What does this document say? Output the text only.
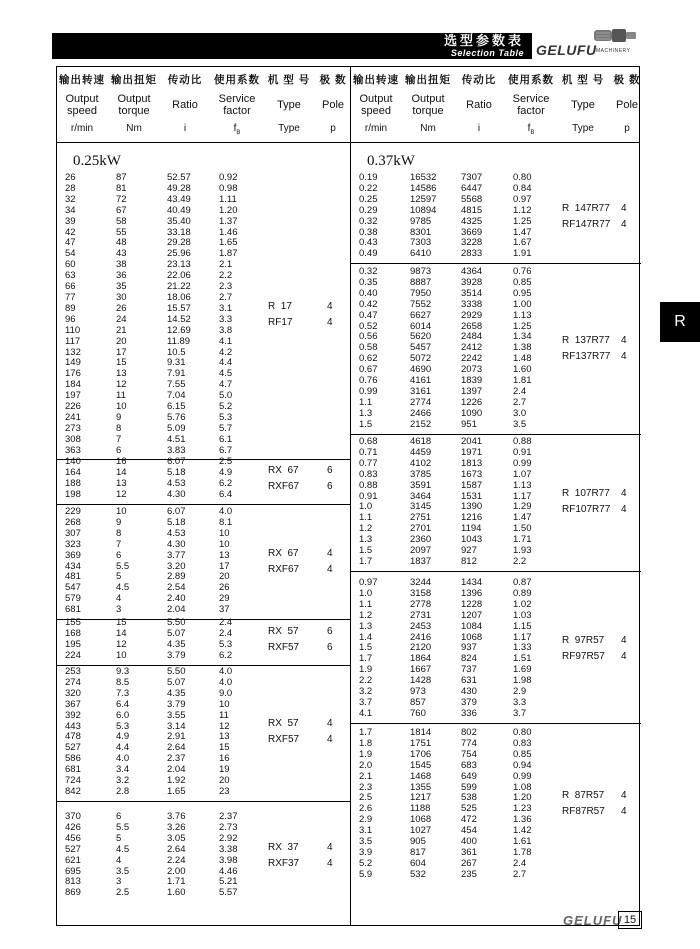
选型参数表
Selection Table GELUFU MACHINERY
输出转速
Output
speed
r/min
输出扭矩
Output
torque
Nm
传动比
Ratio
i
使用系数
Service
factor
$f_B$
机 型 号
Type
Type
极 数
Pole
p
输出转速
Output
speed
r/min
输出扭矩
Output
torque
Nm
传动比
Ratio
i
使用系数
Service
factor
$f_B$
机 型 号
Type
Type
极 数
Pole
p
0.25kW
26
28
32
34
39
42
47
54
60
63
66
77
89
96
110
117
132
149
176
184
197
226
241
273
308
363
87
81
72
67
58
55
48
43
38
36
35
30
26
24
21
20
17
15
13
12
11
10
9
8
7
6
52.57
49.28
43.49
40.49
35.40
33.18
29.28
25.96
23.13
22.06
21.22
18.06
15.57
14.52
12.69
11.89
10.5
9.31
7.91
7.55
7.04
6.15
5.76
5.09
4.51
3.83
0.92
0.98
1.11
1.20
1.37
1.46
1.65
1.87
2.1
2.2
2.3
2.7
3.1
3.3
3.8
4.1
4.2
4.4
4.5
4.7
5.0
5.2
5.3
5.7
6.1
6.7
R  17
RF17
4
4
140
164
188
198
16
14
13
12
6.07
5.18
4.53
4.30
2.5
4.9
6.2
6.4
RX  67
RXF67
6
6
229
268
307
323
369
434
481
547
579
681
10
9
8
7
6
5.5
5
4.5
4
3
6.07
5.18
4.53
4.30
3.77
3.20
2.89
2.54
2.40
2.04
4.0
8.1
10
10
13
17
20
26
29
37
RX  67
RXF67
4
4
155
168
195
224
15
14
12
10
5.50
5.07
4.35
3.79
2.4
2.4
5.3
6.2
RX  57
RXF57
6
6
253
274
320
367
392
443
478
527
586
681
724
842
9.3
8.5
7.3
6.4
6.0
5.3
4.9
4.4
4.0
3.4
3.2
2.8
5.50
5.07
4.35
3.79
3.55
3.14
2.91
2.64
2.37
2.04
1.92
1.65
4.0
4.0
9.0
10
11
12
13
15
16
19
20
23
RX  57
RXF57
4
4
370
426
456
527
621
695
813
869
6
5.5
5
4.5
4
3.5
3
2.5
3.76
3.26
3.05
2.64
2.24
2.00
1.71
1.60
2.37
2.73
2.92
3.38
3.98
4.46
5.21
5.57
RX  37
RXF37
4
4
0.37kW
0.19
0.22
0.25
0.29
0.32
0.38
0.43
0.49
16532
14586
12597
10894
9785
8301
7303
6410
7307
6447
5568
4815
4325
3669
3228
2833
0.80
0.84
0.97
1.12
1.25
1.47
1.67
1.91
R  147R77
RF147R77
4
4
0.32
0.35
0.40
0.42
0.47
0.52
0.56
0.58
0.62
0.67
0.76
0.99
1.1
1.3
1.5
9873
8887
7950
7552
6627
6014
5620
5457
5072
4690
4161
3161
2774
2466
2152
4364
3928
3514
3338
2929
2658
2484
2412
2242
2073
1839
1397
1226
1090
951
0.76
0.85
0.95
1.00
1.13
1.25
1.34
1.38
1.48
1.60
1.81
2.4
2.7
3.0
3.5
R  137R77
RF137R77
4
4
0.68
0.71
0.77
0.83
0.88
0.91
1.0
1.1
1.2
1.3
1.5
1.7
4618
4459
4102
3785
3591
3464
3145
2751
2701
2360
2097
1837
2041
1971
1813
1673
1587
1531
1390
1216
1194
1043
927
812
0.88
0.91
0.99
1.07
1.13
1.17
1.29
1.47
1.50
1.71
1.93
2.2
R  107R77
RF107R77
4
4
0.97
1.0
1.1
1.2
1.3
1.4
1.5
1.7
1.9
2.2
3.2
3.7
4.1
3244
3158
2778
2731
2453
2416
2120
1864
1667
1428
973
857
760
1434
1396
1228
1207
1084
1068
937
824
737
631
430
379
336
0.87
0.89
1.02
1.03
1.15
1.17
1.33
1.51
1.69
1.98
2.9
3.3
3.7
R  97R57
RF97R57
4
4
1.7
1.8
1.9
2.0
2.1
2.3
2.5
2.6
2.9
3.1
3.5
3.9
5.2
5.9
1814
1751
1706
1545
1468
1355
1217
1188
1068
1027
905
817
604
532
802
774
754
683
649
599
538
525
472
454
400
361
267
235
0.80
0.83
0.85
0.94
0.99
1.08
1.20
1.23
1.36
1.42
1.61
1.78
2.4
2.7
R  87R57
RF87R57
4
4
R
GELUFU 15
